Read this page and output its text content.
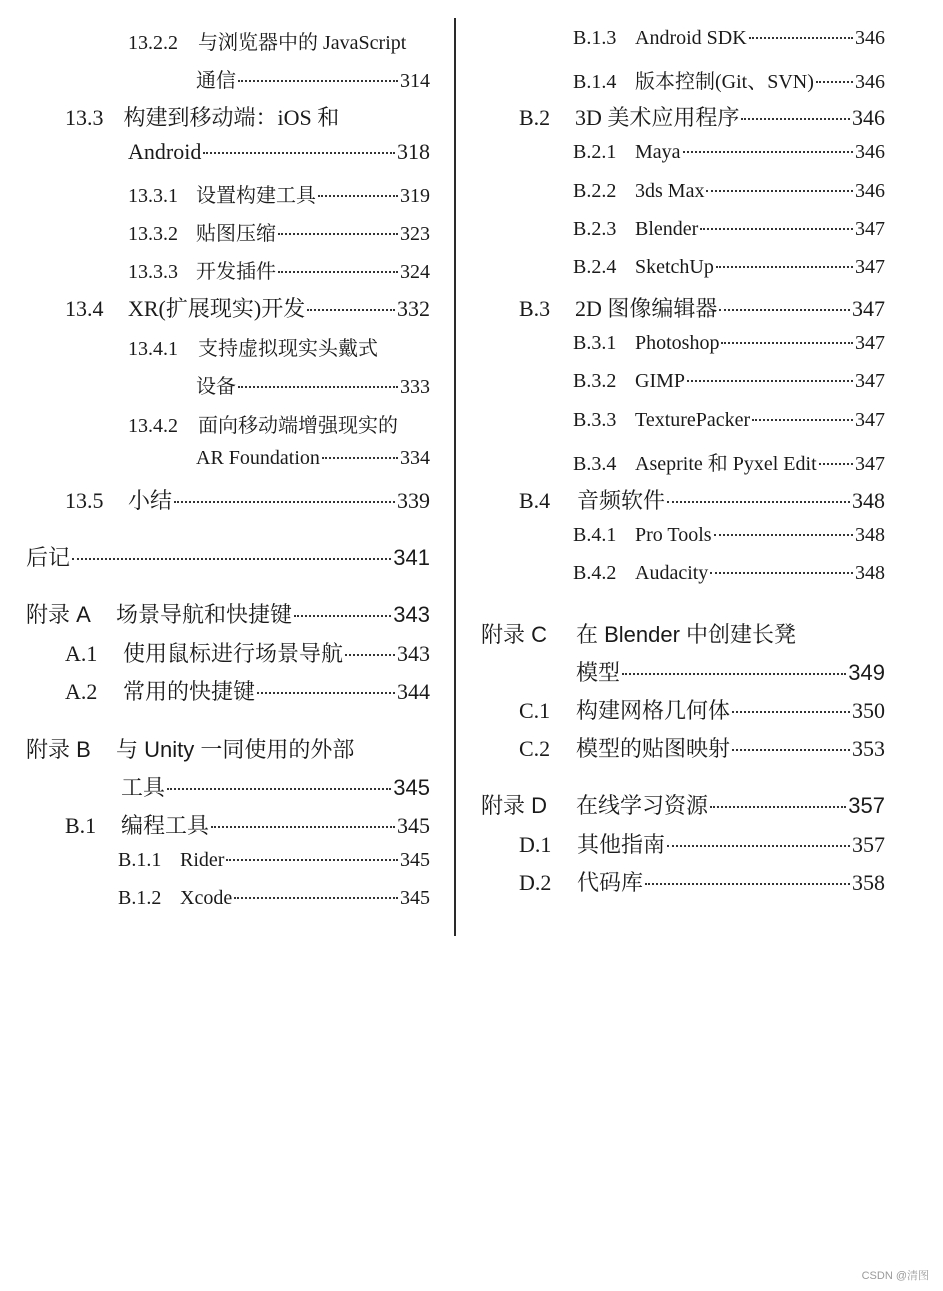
13.2.2 与浏览器中的 JavaScript
通信	314
13.3 构建到移动端：iOS 和
Android	318
13.3.1 设置构建工具	319
13.3.2 贴图压缩	323
13.3.3 开发插件	324
13.4	XR(扩展现实)开发	332
13.4.1 支持虚拟现实头戴式
设备	333
13.4.2 面向移动端增强现实的
AR Foundation	334
13.5	小结	339
后记	341
附录 A	场景导航和快捷键	343
A.1	使用鼠标进行场景导航 343
A.2	常用的快捷键	344
附录 B 与 Unity 一同使用的外部
工具	345
B.1	编程工具	345
B.1.1 Rider	345
B.1.2 Xcode	345
B.1.3 Android SDK	346
B.1.4 版本控制(Git、SVN) 346
B.2	3D 美术应用程序	346
B.2.1 Maya	346
B.2.2 3ds Max	346
B.2.3 Blender	347
B.2.4 SketchUp	347
B.3	2D 图像编辑器	347
B.3.1 Photoshop	347
B.3.2 GIMP	347
B.3.3 TexturePacker	347
B.3.4 Aseprite 和 Pyxel Edit 347
B.4	音频软件	348
B.4.1 Pro Tools	348
B.4.2 Audacity	348
附录 C 在 Blender 中创建长凳
模型	349
C.1	构建网格几何体	350
C.2	模型的贴图映射	353
附录 D	在线学习资源	357
D.1	其他指南	357
D.2	代码库	358
CSDN @清图
